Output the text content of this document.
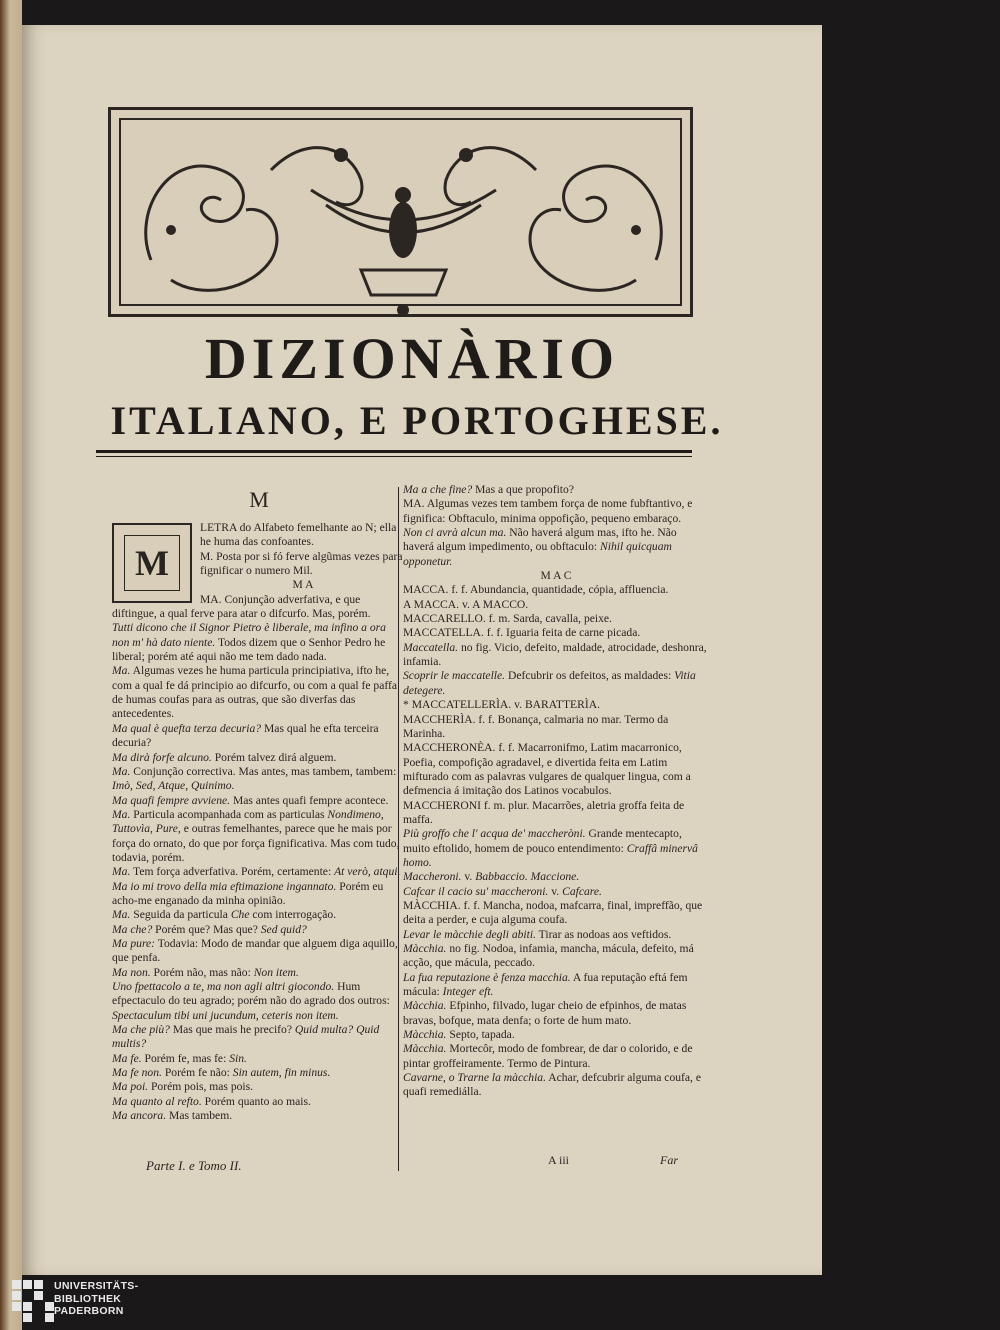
DIZIONÀRIO
ITALIANO, E PORTOGHESE.

M

M

LETRA do Alfabeto femelhante ao N; ella he huma das confoantes.

M. Posta por si fó ferve algũmas vezes para fignificar o numero Mil.

M A

MA. Conjunção adverfativa, e que diftingue, a qual ferve para atar o difcurfo. Mas, porém.

Tutti dicono che il Signor Pietro è liberale, ma infino a ora non m' hà dato niente. Todos dizem que o Senhor Pedro he liberal; porém até aqui não me tem dado nada.

Ma. Algumas vezes he huma particula principiativa, ifto he, com a qual fe dá principio ao difcurfo, ou com a qual fe paffa de humas coufas para as outras, que são diverfas das antecedentes.

Ma qual è quefta terza decuria? Mas qual he efta terceira decuria?

Ma dirà forfe alcuno. Porém talvez dirá alguem.

Ma. Conjunção correctiva. Mas antes, mas tambem, tambem: Imò, Sed, Atque, Quinimo.

Ma quafi fempre avviene. Mas antes quafi fempre acontece.

Ma. Particula acompanhada com as particulas Nondimeno, Tuttovìa, Pure, e outras femelhantes, parece que he mais por força do ornato, do que por força fignificativa. Mas com tudo, todavia, porém.

Ma. Tem força adverfativa. Porém, certamente: At verò, atqui.

Ma io mi trovo della mia eftimazione ingannato. Porém eu acho-me enganado da minha opinião.

Ma. Seguida da particula Che com interrogação.

Ma che? Porém que? Mas que? Sed quid?

Ma pure: Todavia: Modo de mandar que alguem diga aquillo, que penfa.

Ma non. Porém não, mas não: Non item.

Uno fpettacolo a te, ma non agli altri giocondo. Hum efpectaculo do teu agrado; porém não do agrado dos outros: Spectaculum tibi uni jucundum, ceteris non item.

Ma che più? Mas que mais he precifo? Quid multa? Quid multis?

Ma fe. Porém fe, mas fe: Sin.

Ma fe non. Porém fe não: Sin autem, fin minus.

Ma poi. Porém pois, mas pois.

Ma quanto al refto. Porém quanto ao mais.

Ma ancora. Mas tambem.

Ma a che fine? Mas a que propofito?

MA. Algumas vezes tem tambem força de nome fubftantivo, e fignifica: Obftaculo, minima oppofição, pequeno embaraço.

Non ci avrà alcun ma. Não haverá algum mas, ifto he. Não haverá algum impedimento, ou obftaculo: Nihil quicquam opponetur.

M A C

MACCA. f. f. Abundancia, quantidade, cópia, affluencia.

A MACCA. v. A MACCO.

MACCARELLO. f. m. Sarda, cavalla, peixe.

MACCATELLA. f. f. Iguaria feita de carne picada.

Maccatella. no fig. Vicio, defeito, maldade, atrocidade, deshonra, infamia.

Scoprir le maccatelle. Defcubrir os defeitos, as maldades: Vitia detegere.

* MACCATELLERÌA. v. BARATTERÌA.

MACCHERÌA. f. f. Bonança, calmaria no mar. Termo da Marinha.

MACCHERONÈA. f. f. Macarronifmo, Latim macarronico, Poefia, compofição agradavel, e divertida feita em Latim mifturado com as palavras vulgares de qualquer lingua, com a defmencia á imitação dos Latinos vocabulos.

MACCHERONI f. m. plur. Macarrões, aletria groffa feita de maffa.

Più groffo che l' acqua de' maccheròni. Grande mentecapto, muito eftolido, homem de pouco entendimento: Craffâ minervâ homo.

Maccheroni. v. Babbaccio. Maccione.

Cafcar il cacio su' maccheroni. v. Cafcare.

MÀCCHIA. f. f. Mancha, nodoa, mafcarra, final, impreffão, que deita a perder, e cuja alguma coufa.

Levar le màcchie degli abiti. Tirar as nodoas aos veftidos.

Màcchia. no fig. Nodoa, infamia, mancha, mácula, defeito, má acção, que mácula, peccado.

La fua reputazione è fenza macchia. A fua reputação eftá fem mácula: Integer eft.

Màcchia. Efpinho, filvado, lugar cheio de efpinhos, de matas bravas, bofque, mata denfa; o forte de hum mato.

Màcchia. Septo, tapada.

Màcchia. Mortecôr, modo de fombrear, de dar o colorido, e de pintar groffeiramente. Termo de Pintura.

Cavarne, o Trarne la màcchia. Achar, defcubrir alguma coufa, e quafi remediálla.

Parte I. e Tomo II.	A iii	Far
UNIVERSITÄTS-
BIBLIOTHEK
PADERBORN
